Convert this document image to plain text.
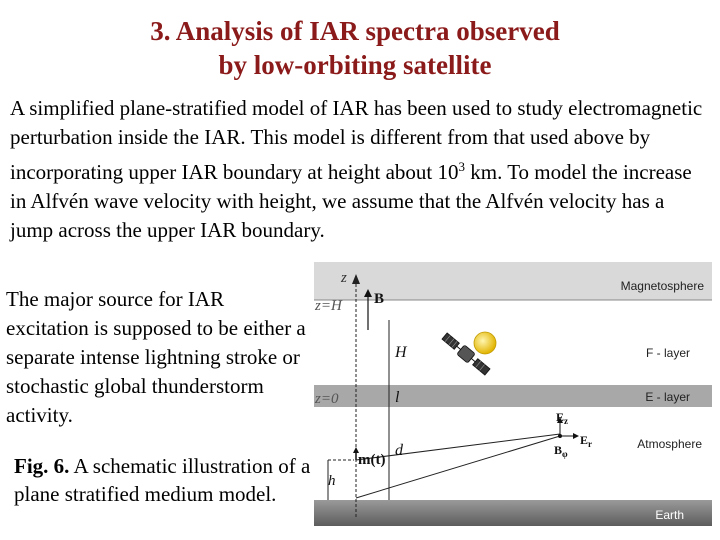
3. Analysis of IAR spectra observed
by low-orbiting satellite
A simplified plane-stratified model of IAR has been used to study electromagnetic perturbation inside the IAR. This model is different from that used above by incorporating upper IAR boundary at height about $10^3$ km. To model the increase in Alfvén wave velocity with height, we assume that the Alfvén velocity has a jump across the upper IAR boundary.
The major source for IAR excitation is supposed to be either a separate intense lightning stroke or stochastic global thunderstorm activity.
Fig. 6. A schematic illustration of a plane stratified medium model.
Magnetosphere
F - layer
E - layer
Atmosphere
Earth
z
z=H
z=0
B
H
l
m(t)
d
h
$E_z$
$E_r$
$B_\varphi$
